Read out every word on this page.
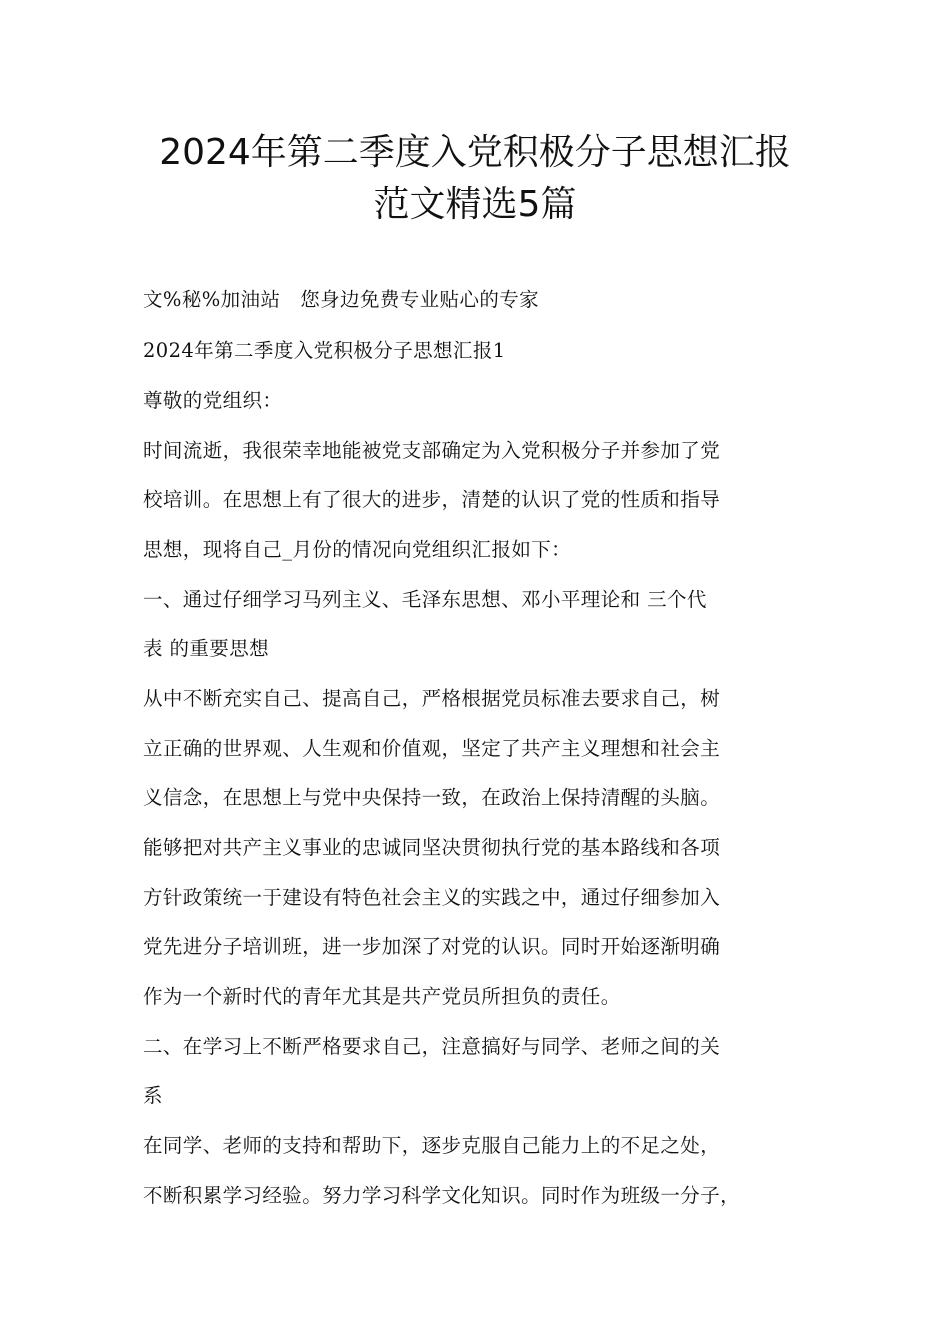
2024年第二季度入党积极分子思想汇报
范文精选5篇
文%秘%加油站　您身边免费专业贴心的专家
2024年第二季度入党积极分子思想汇报1
尊敬的党组织：
时间流逝，我很荣幸地能被党支部确定为入党积极分子并参加了党
校培训。在思想上有了很大的进步，清楚的认识了党的性质和指导
思想，现将自己_月份的情况向党组织汇报如下：
一、通过仔细学习马列主义、毛泽东思想、邓小平理论和 三个代
表 的重要思想
从中不断充实自己、提高自己，严格根据党员标准去要求自己，树
立正确的世界观、人生观和价值观，坚定了共产主义理想和社会主
义信念，在思想上与党中央保持一致，在政治上保持清醒的头脑。
能够把对共产主义事业的忠诚同坚决贯彻执行党的基本路线和各项
方针政策统一于建设有特色社会主义的实践之中，通过仔细参加入
党先进分子培训班，进一步加深了对党的认识。同时开始逐渐明确
作为一个新时代的青年尤其是共产党员所担负的责任。
二、在学习上不断严格要求自己，注意搞好与同学、老师之间的关
系
在同学、老师的支持和帮助下，逐步克服自己能力上的不足之处，
不断积累学习经验。努力学习科学文化知识。同时作为班级一分子，
